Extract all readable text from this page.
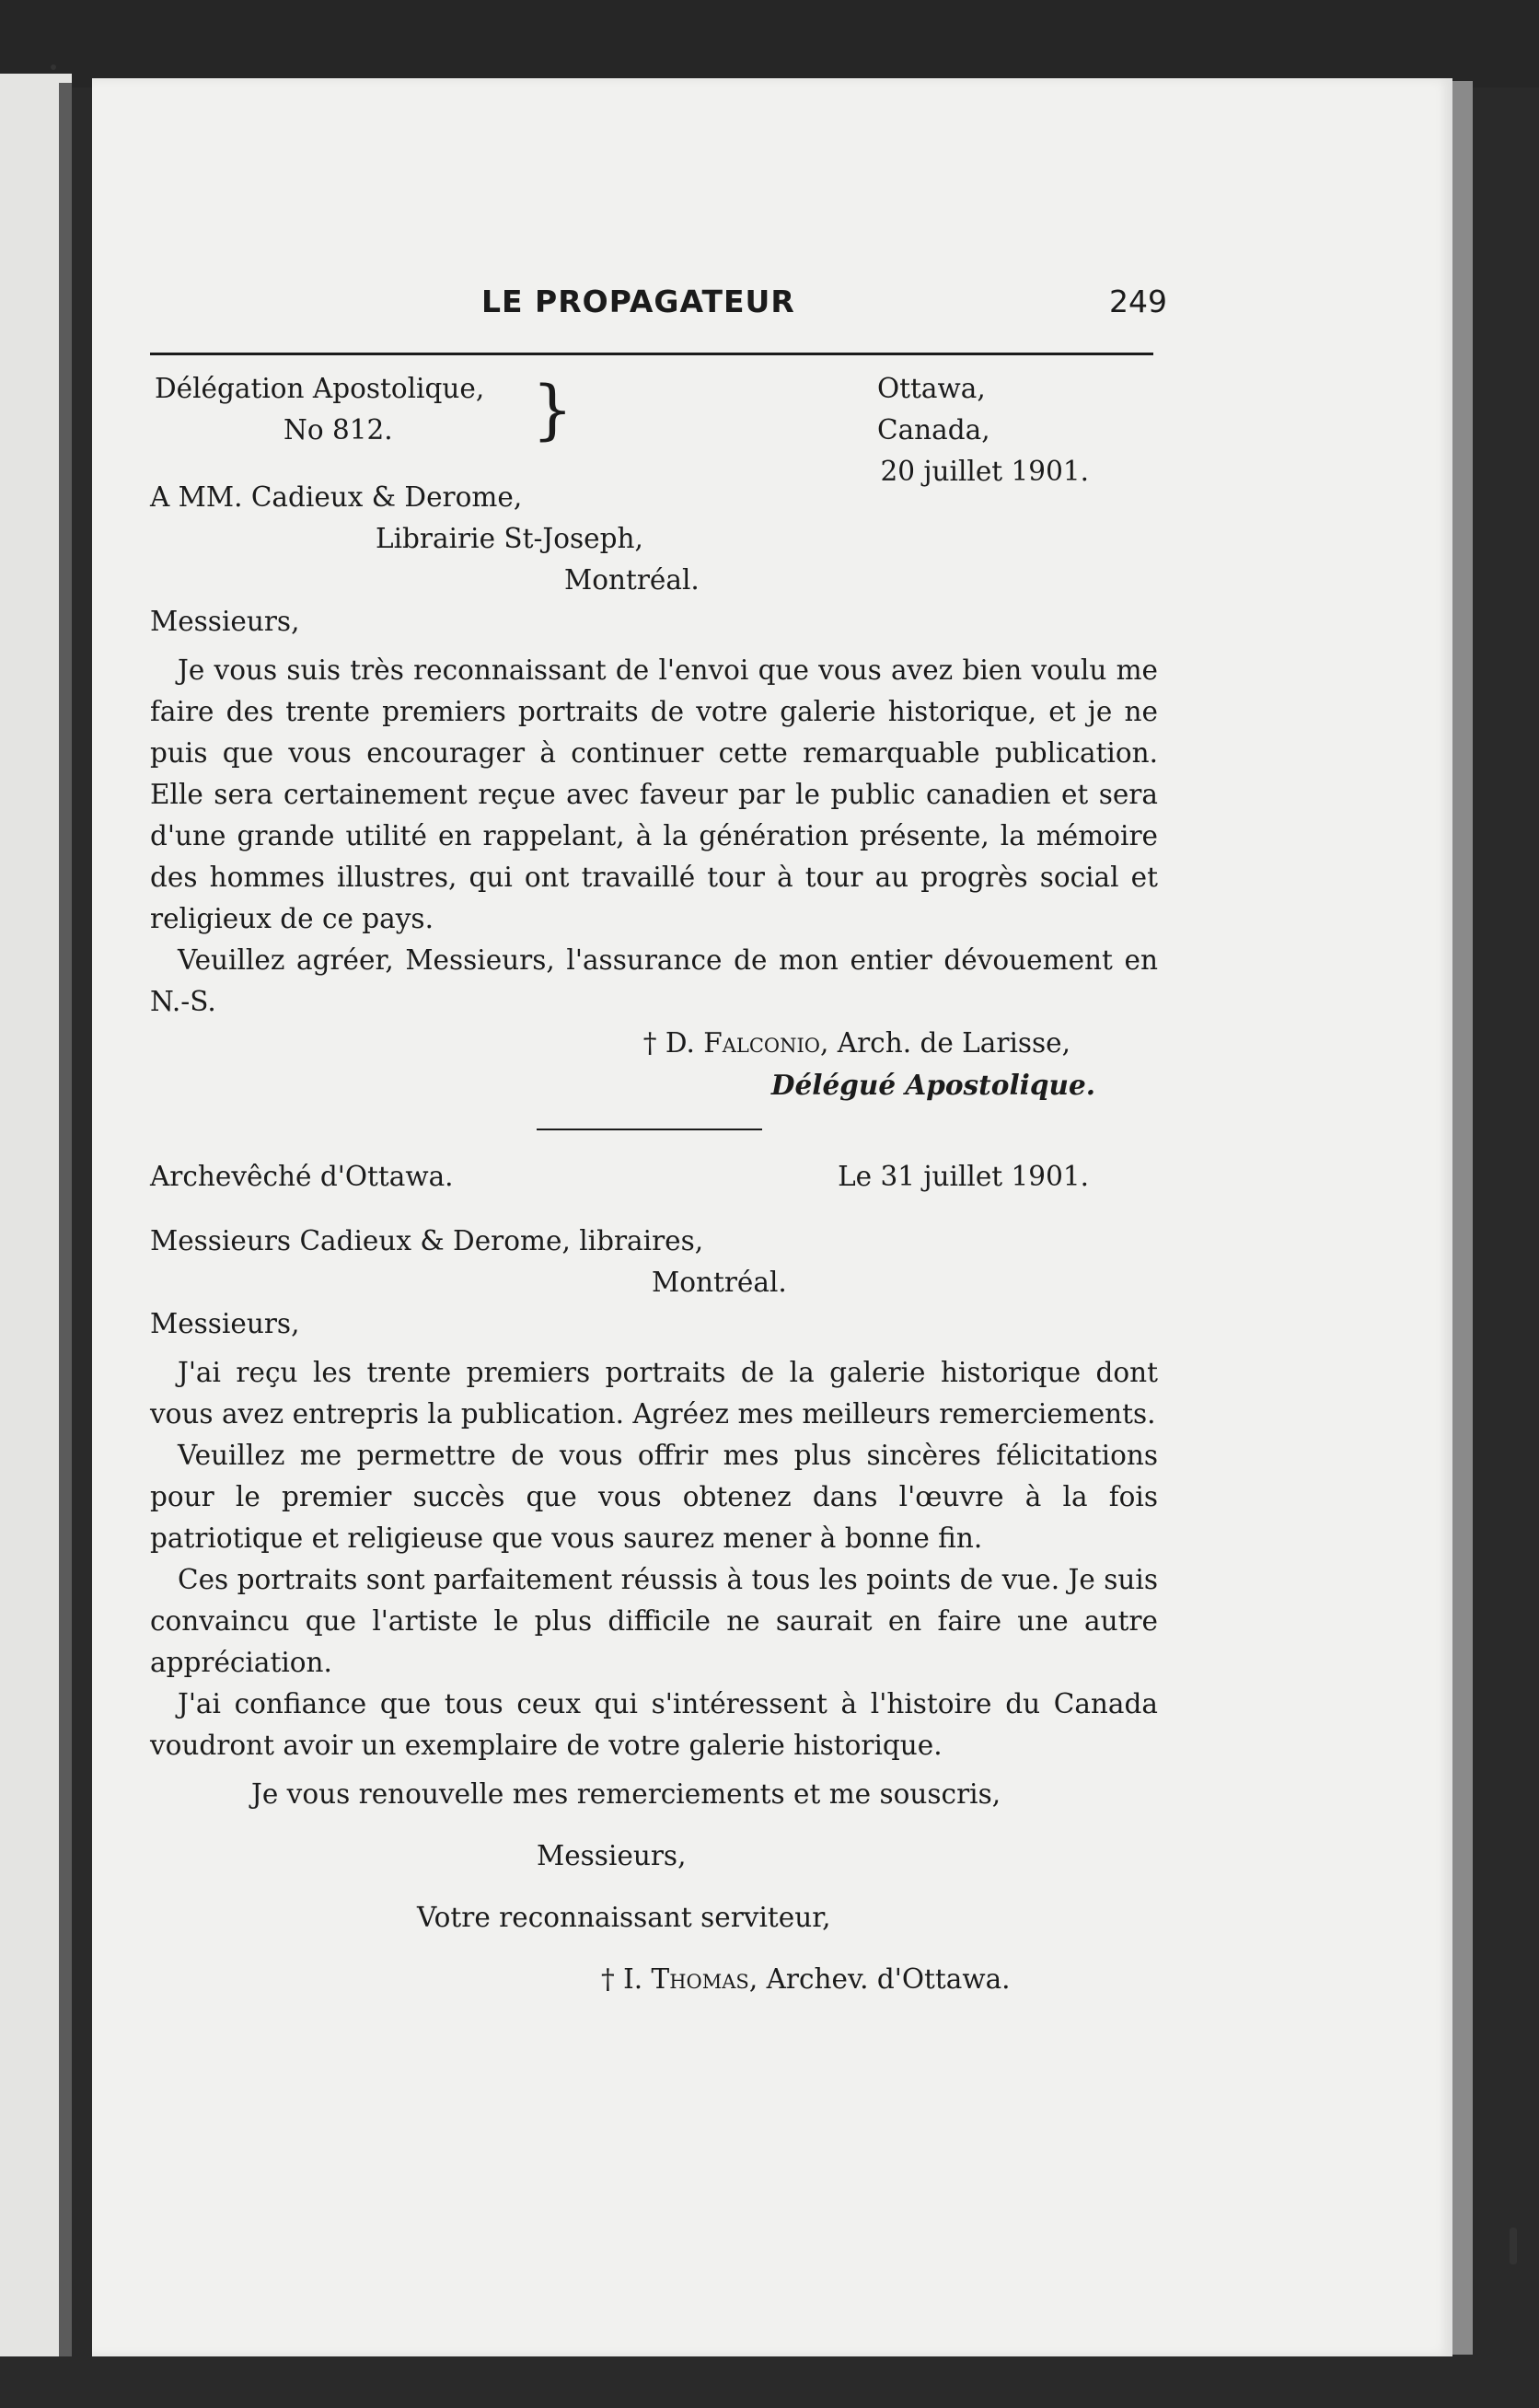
LE PROPAGATEUR	249
Délégation Apostolique,
No 812.	}	Ottawa, Canada,
20 juillet 1901.
A MM. Cadieux & Derome,
Librairie St-Joseph,
Montréal.
Messieurs,

Je vous suis très reconnaissant de l'envoi que vous avez bien voulu me faire des trente premiers portraits de votre galerie historique, et je ne puis que vous encourager à continuer cette remarquable publication. Elle sera certainement reçue avec faveur par le public canadien et sera d'une grande utilité en rappelant, à la génération présente, la mémoire des hommes illustres, qui ont travaillé tour à tour au progrès social et religieux de ce pays.

Veuillez agréer, Messieurs, l'assurance de mon entier dévouement en N.-S.

† D. Falconio, Arch. de Larisse,
Délégué Apostolique.
Archevêché d'Ottawa.	Le 31 juillet 1901.
Messieurs Cadieux & Derome, libraires,
Montréal.
Messieurs,

J'ai reçu les trente premiers portraits de la galerie historique dont vous avez entrepris la publication. Agréez mes meilleurs remerciements.

Veuillez me permettre de vous offrir mes plus sincères félicitations pour le premier succès que vous obtenez dans l'œuvre à la fois patriotique et religieuse que vous saurez mener à bonne fin.

Ces portraits sont parfaitement réussis à tous les points de vue. Je suis convaincu que l'artiste le plus difficile ne saurait en faire une autre appréciation.

J'ai confiance que tous ceux qui s'intéressent à l'histoire du Canada voudront avoir un exemplaire de votre galerie historique.

Je vous renouvelle mes remerciements et me souscris,
Messieurs,
Votre reconnaissant serviteur,
† I. Thomas, Archev. d'Ottawa.
